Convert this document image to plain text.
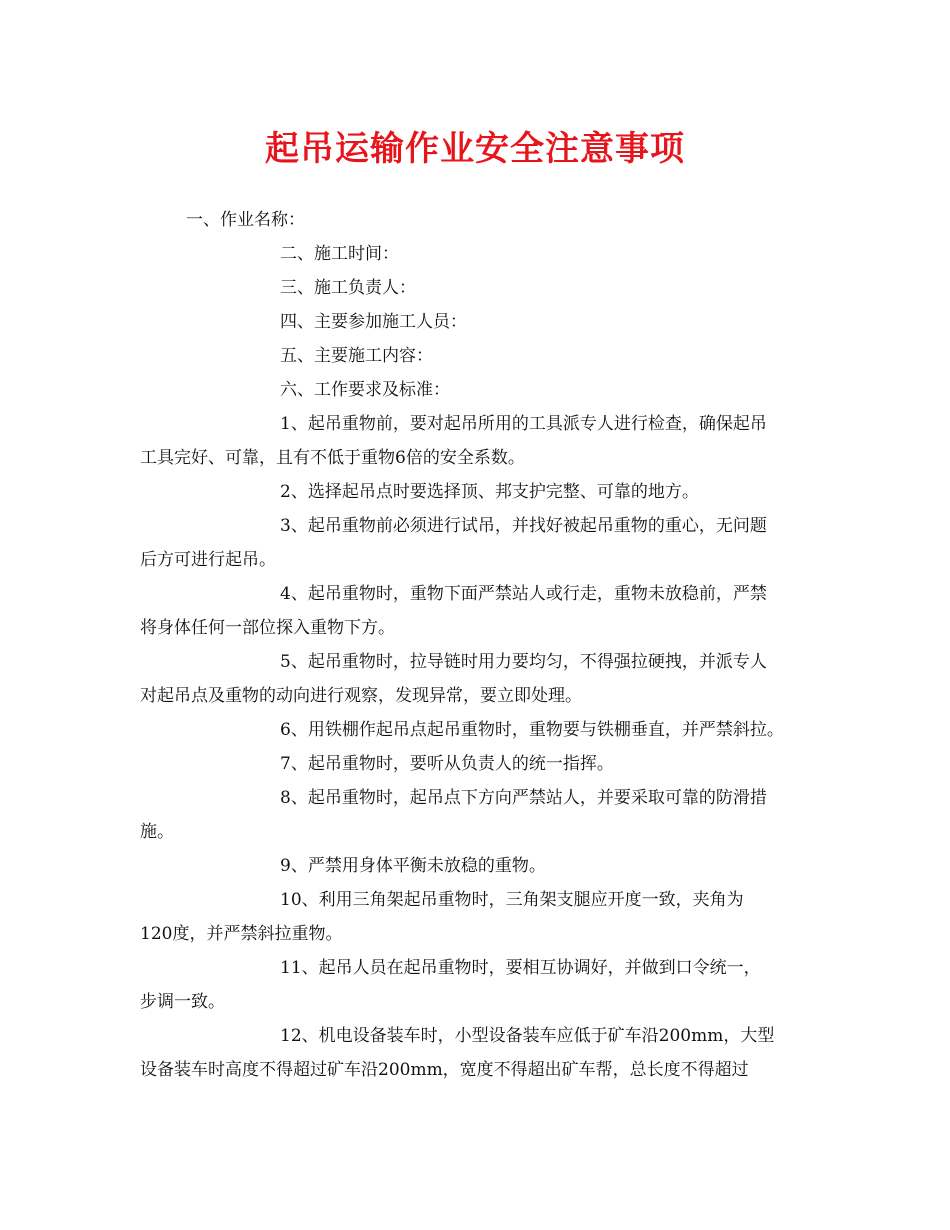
起吊运输作业安全注意事项
一、作业名称：
二、施工时间：
三、施工负责人：
四、主要参加施工人员：
五、主要施工内容：
六、工作要求及标准：
1、起吊重物前，要对起吊所用的工具派专人进行检查，确保起吊
工具完好、可靠，且有不低于重物6倍的安全系数。
2、选择起吊点时要选择顶、邦支护完整、可靠的地方。
3、起吊重物前必须进行试吊，并找好被起吊重物的重心，无问题
后方可进行起吊。
4、起吊重物时，重物下面严禁站人或行走，重物未放稳前，严禁
将身体任何一部位探入重物下方。
5、起吊重物时，拉导链时用力要均匀，不得强拉硬拽，并派专人
对起吊点及重物的动向进行观察，发现异常，要立即处理。
6、用铁棚作起吊点起吊重物时，重物要与铁棚垂直，并严禁斜拉。
7、起吊重物时，要听从负责人的统一指挥。
8、起吊重物时，起吊点下方向严禁站人，并要采取可靠的防滑措
施。
9、严禁用身体平衡未放稳的重物。
10、利用三角架起吊重物时，三角架支腿应开度一致，夹角为
120度，并严禁斜拉重物。
11、起吊人员在起吊重物时，要相互协调好，并做到口令统一，
步调一致。
12、机电设备装车时，小型设备装车应低于矿车沿200mm，大型
设备装车时高度不得超过矿车沿200mm，宽度不得超出矿车帮，总长度不得超过
